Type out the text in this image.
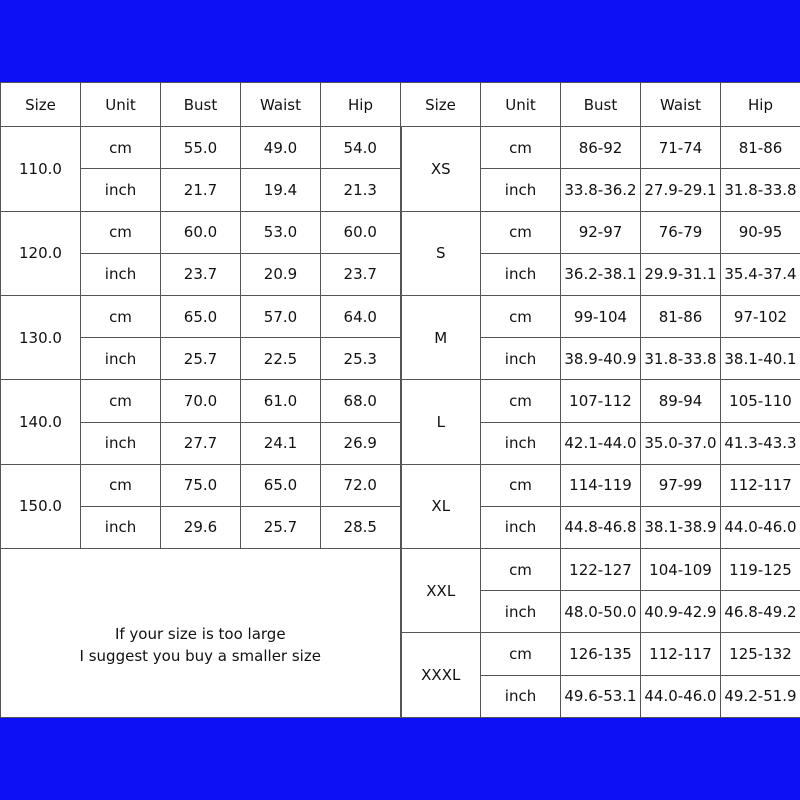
Size	Unit	Bust	Waist	Hip	Size	Unit	Bust	Waist	Hip
110.0	cm	55.0	49.0	54.0	XS	cm	86-92	71-74	81-86
	inch	21.7	19.4	21.3		inch	33.8-36.2	27.9-29.1	31.8-33.8
120.0	cm	60.0	53.0	60.0	S	cm	92-97	76-79	90-95
	inch	23.7	20.9	23.7		inch	36.2-38.1	29.9-31.1	35.4-37.4
130.0	cm	65.0	57.0	64.0	M	cm	99-104	81-86	97-102
	inch	25.7	22.5	25.3		inch	38.9-40.9	31.8-33.8	38.1-40.1
140.0	cm	70.0	61.0	68.0	L	cm	107-112	89-94	105-110
	inch	27.7	24.1	26.9		inch	42.1-44.0	35.0-37.0	41.3-43.3
150.0	cm	75.0	65.0	72.0	XL	cm	114-119	97-99	112-117
	inch	29.6	25.7	28.5		inch	44.8-46.8	38.1-38.9	44.0-46.0

If your size is too large
I suggest you buy a smaller size					XXL	cm	122-127	104-109	119-125
						inch	48.0-50.0	40.9-42.9	46.8-49.2
					XXXL	cm	126-135	112-117	125-132
						inch	49.6-53.1	44.0-46.0	49.2-51.9
